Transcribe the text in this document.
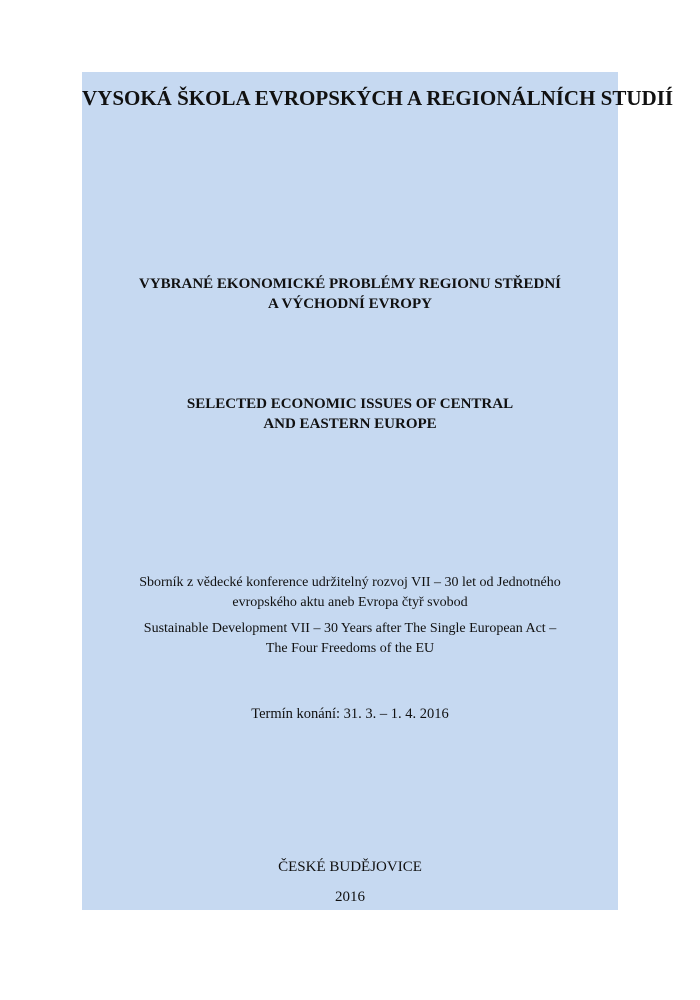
VYSOKÁ ŠKOLA EVROPSKÝCH A REGIONÁLNÍCH STUDIÍ
VYBRANÉ EKONOMICKÉ PROBLÉMY REGIONU STŘEDNÍ
A VÝCHODNÍ EVROPY
SELECTED ECONOMIC ISSUES OF CENTRAL
AND EASTERN EUROPE
Sborník z vědecké konference udržitelný rozvoj VII – 30 let od Jednotného
evropského aktu aneb Evropa čtyř svobod
Sustainable Development VII – 30 Years after The Single European Act –
The Four Freedoms of the EU
Termín konání: 31. 3. – 1. 4. 2016
ČESKÉ BUDĚJOVICE
2016
